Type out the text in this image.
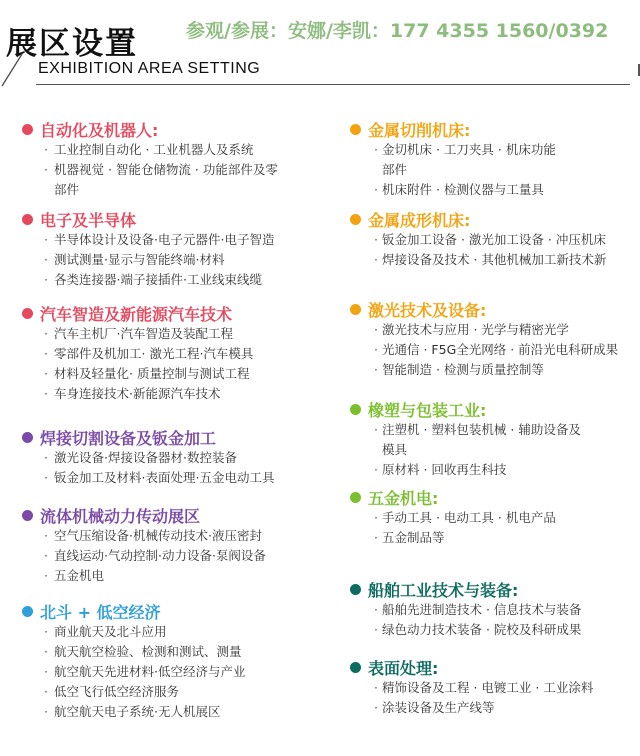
展区设置	参观/参展：安娜/李凯：177 4355 1560/0392
EXHIBITION AREA SETTING
自动化及机器人:
· 工业控制自动化 · 工业机器人及系统
· 机器视觉 · 智能仓储物流 · 功能部件及零
部件
电子及半导体
· 半导体设计及设备·电子元器件·电子智造
· 测试测量·显示与智能终端·材料
· 各类连接器·端子接插件·工业线束线缆
汽车智造及新能源汽车技术
· 汽车主机厂·汽车智造及装配工程
· 零部件及机加工· 激光工程·汽车模具
· 材料及轻量化· 质量控制与测试工程
· 车身连接技术·新能源汽车技术
焊接切割设备及钣金加工
· 激光设备·焊接设备器材·数控装备
· 钣金加工及材料·表面处理·五金电动工具
流体机械动力传动展区
· 空气压缩设备·机械传动技术·液压密封
· 直线运动·气动控制·动力设备·泵阀设备
· 五金机电
北斗 + 低空经济
· 商业航天及北斗应用
· 航天航空检验、检测和测试、测量
· 航空航天先进材料·低空经济与产业
· 低空飞行低空经济服务
· 航空航天电子系统·无人机展区
金属切削机床:
· 金切机床 · 工刀夹具 · 机床功能
部件
· 机床附件 · 检测仪器与工量具
金属成形机床:
· 钣金加工设备 · 激光加工设备 · 冲压机床
· 焊接设备及技术 · 其他机械加工新技术新
激光技术及设备:
· 激光技术与应用 · 光学与精密光学
· 光通信 · F5G全光网络 · 前沿光电科研成果
· 智能制造 · 检测与质量控制等
橡塑与包装工业:
· 注塑机 · 塑料包装机械 · 辅助设备及
模具
· 原材料 · 回收再生科技
五金机电:
· 手动工具 · 电动工具 · 机电产品
· 五金制品等
船舶工业技术与装备:
· 船舶先进制造技术 · 信息技术与装备
· 绿色动力技术装备 · 院校及科研成果
表面处理:
· 精饰设备及工程 · 电镀工业 · 工业涂料
· 涂装设备及生产线等
